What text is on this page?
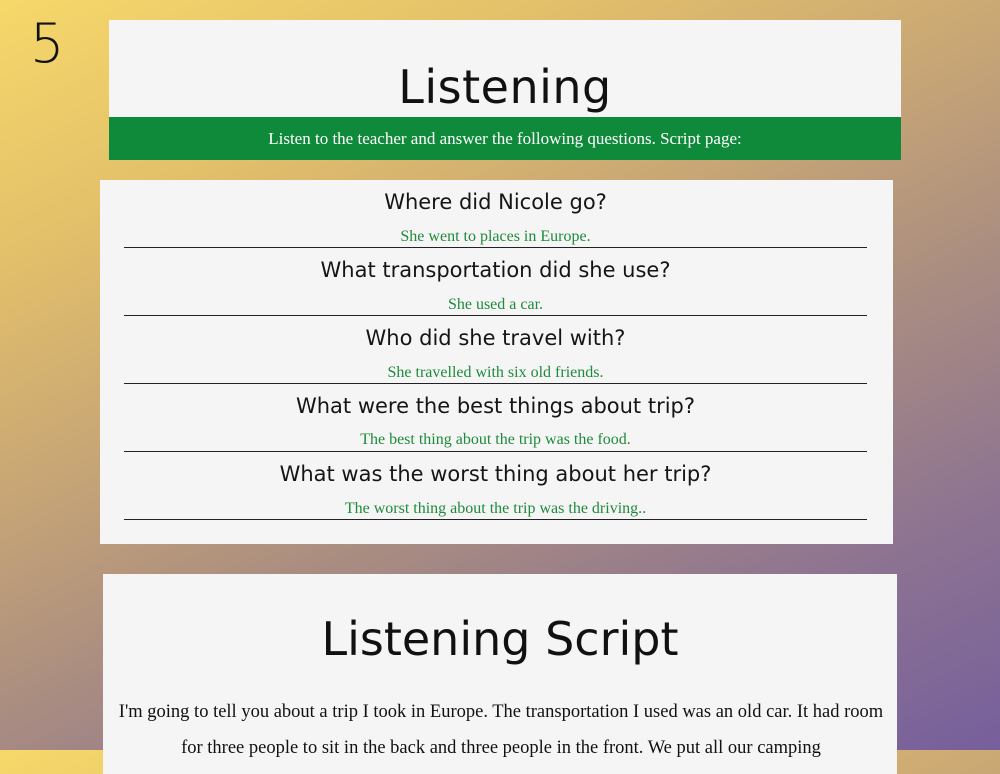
5
Listening
Listen to the teacher and answer the following questions. Script page:
Where did Nicole go?
She went to places in Europe.
What transportation did she use?
She used a car.
Who did she travel with?
She travelled with six old friends.
What were the best things about trip?
The best thing about the trip was the food.
What was the worst thing about her trip?
The worst thing about the trip was the driving..
Listening Script
I'm going to tell you about a trip I took in Europe. The transportation I used was an old car. It had room for three people to sit in the back and three people in the front. We put all our camping
